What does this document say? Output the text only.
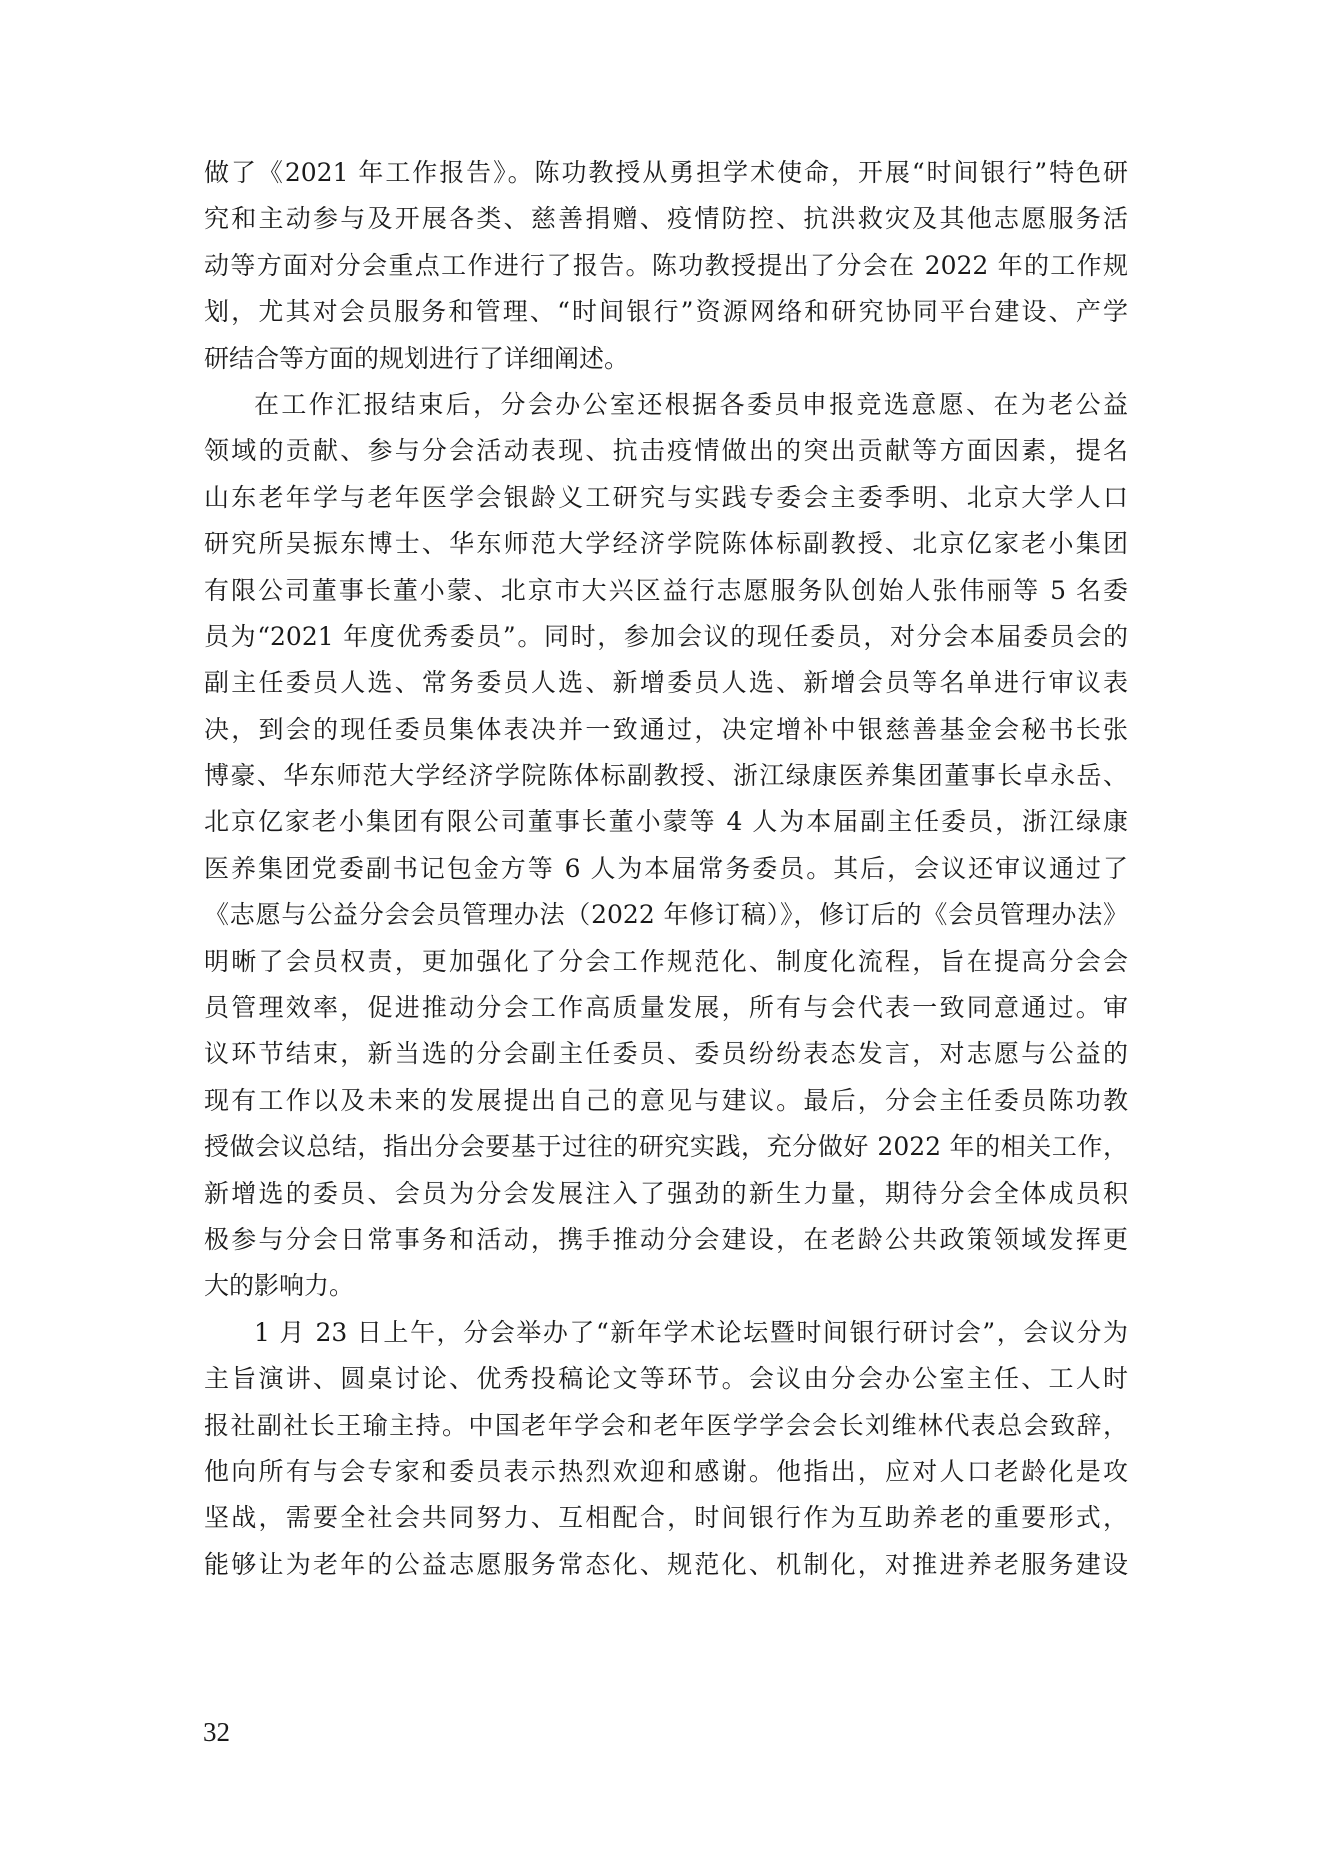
做了《2021 年工作报告》。陈功教授从勇担学术使命，开展“时间银行”特色研
究和主动参与及开展各类、慈善捐赠、疫情防控、抗洪救灾及其他志愿服务活
动等方面对分会重点工作进行了报告。陈功教授提出了分会在 2022 年的工作规
划，尤其对会员服务和管理、“时间银行”资源网络和研究协同平台建设、产学
研结合等方面的规划进行了详细阐述。
在工作汇报结束后，分会办公室还根据各委员申报竞选意愿、在为老公益
领域的贡献、参与分会活动表现、抗击疫情做出的突出贡献等方面因素，提名
山东老年学与老年医学会银龄义工研究与实践专委会主委季明、北京大学人口
研究所吴振东博士、华东师范大学经济学院陈体标副教授、北京亿家老小集团
有限公司董事长董小蒙、北京市大兴区益行志愿服务队创始人张伟丽等 5 名委
员为“2021 年度优秀委员”。同时，参加会议的现任委员，对分会本届委员会的
副主任委员人选、常务委员人选、新增委员人选、新增会员等名单进行审议表
决，到会的现任委员集体表决并一致通过，决定增补中银慈善基金会秘书长张
博豪、华东师范大学经济学院陈体标副教授、浙江绿康医养集团董事长卓永岳、
北京亿家老小集团有限公司董事长董小蒙等 4 人为本届副主任委员，浙江绿康
医养集团党委副书记包金方等 6 人为本届常务委员。其后，会议还审议通过了
《志愿与公益分会会员管理办法（2022 年修订稿）》，修订后的《会员管理办法》
明晰了会员权责，更加强化了分会工作规范化、制度化流程，旨在提高分会会
员管理效率，促进推动分会工作高质量发展，所有与会代表一致同意通过。审
议环节结束，新当选的分会副主任委员、委员纷纷表态发言，对志愿与公益的
现有工作以及未来的发展提出自己的意见与建议。最后，分会主任委员陈功教
授做会议总结，指出分会要基于过往的研究实践，充分做好 2022 年的相关工作，
新增选的委员、会员为分会发展注入了强劲的新生力量，期待分会全体成员积
极参与分会日常事务和活动，携手推动分会建设，在老龄公共政策领域发挥更
大的影响力。
1 月 23 日上午，分会举办了“新年学术论坛暨时间银行研讨会”，会议分为
主旨演讲、圆桌讨论、优秀投稿论文等环节。会议由分会办公室主任、工人时
报社副社长王瑜主持。中国老年学会和老年医学学会会长刘维林代表总会致辞，
他向所有与会专家和委员表示热烈欢迎和感谢。他指出，应对人口老龄化是攻
坚战，需要全社会共同努力、互相配合，时间银行作为互助养老的重要形式，
能够让为老年的公益志愿服务常态化、规范化、机制化，对推进养老服务建设
32
